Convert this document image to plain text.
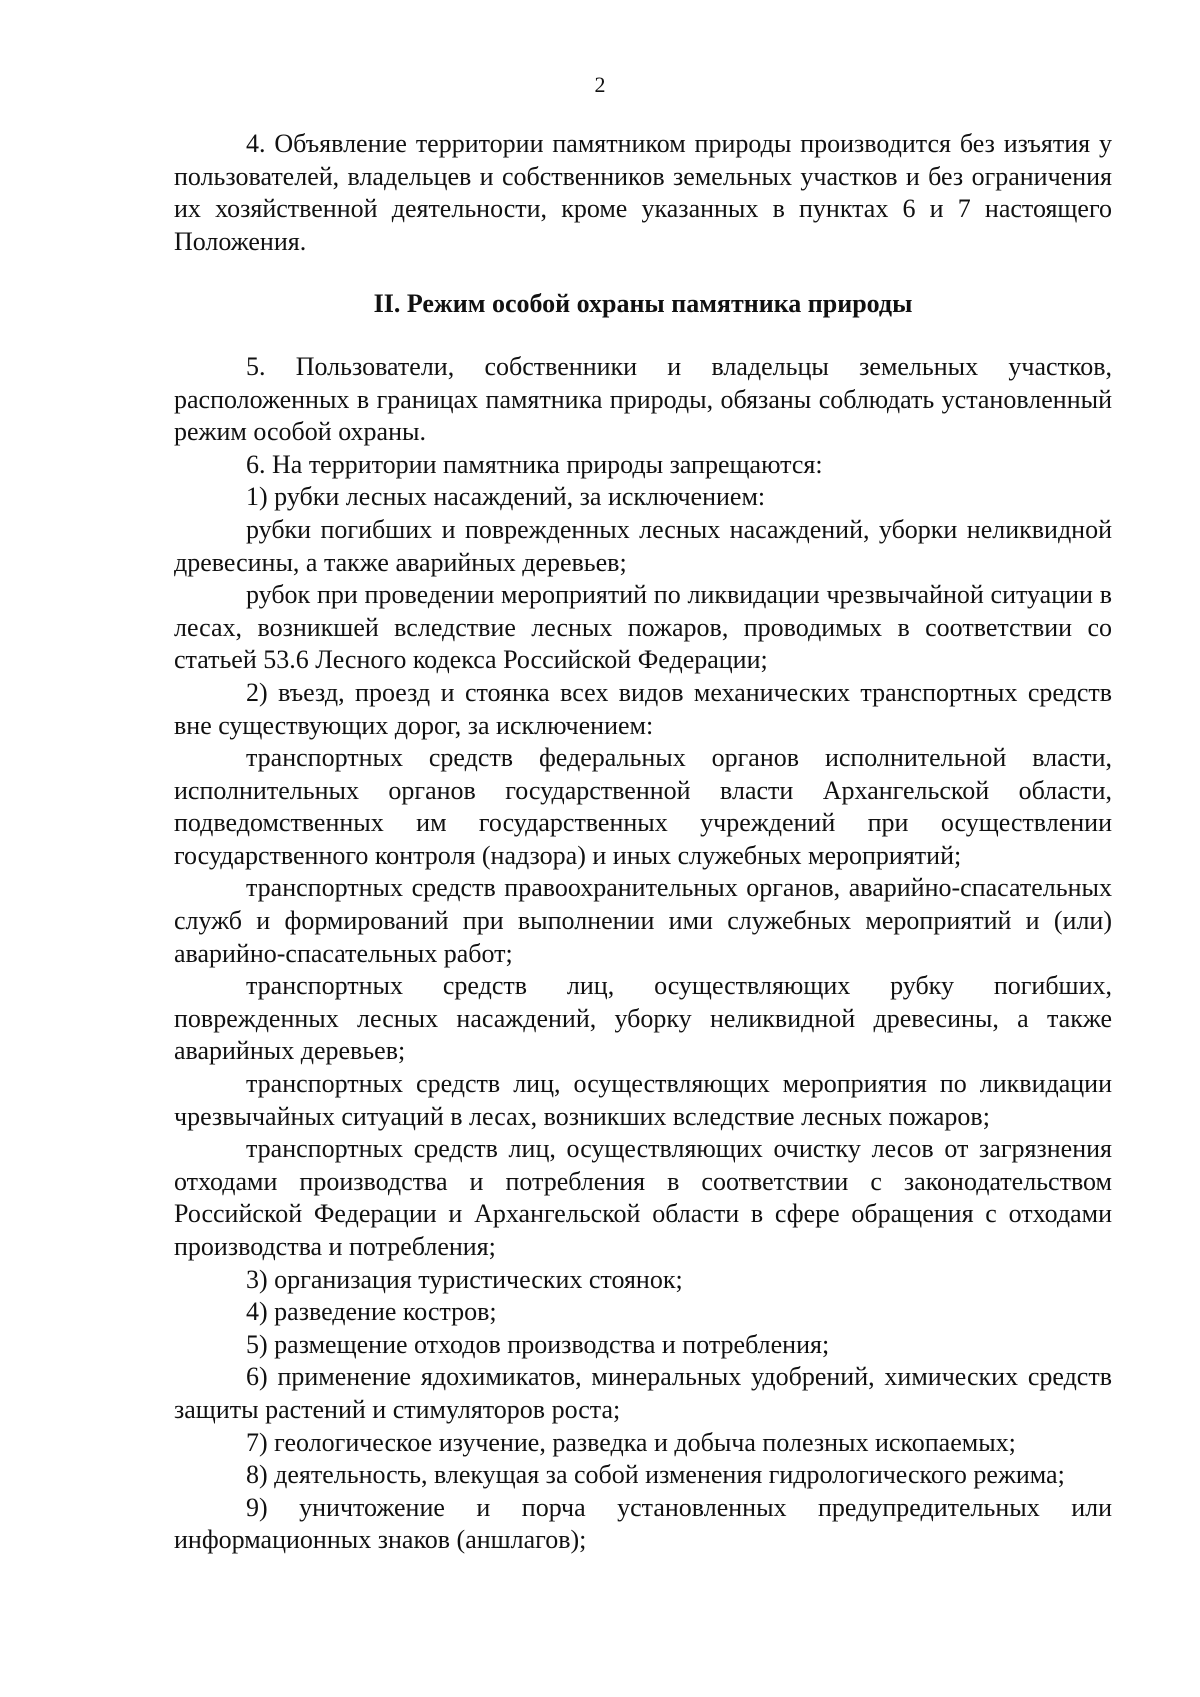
2

4. Объявление территории памятником природы производится без изъятия у пользователей, владельцев и собственников земельных участков и без ограничения их хозяйственной деятельности, кроме указанных в пунктах 6 и 7 настоящего Положения.

II. Режим особой охраны памятника природы

5. Пользователи, собственники и владельцы земельных участков, расположенных в границах памятника природы, обязаны соблюдать установленный режим особой охраны.

6. На территории памятника природы запрещаются:

1) рубки лесных насаждений, за исключением:

рубки погибших и поврежденных лесных насаждений, уборки неликвидной древесины, а также аварийных деревьев;

рубок при проведении мероприятий по ликвидации чрезвычайной ситуации в лесах, возникшей вследствие лесных пожаров, проводимых в соответствии со статьей 53.6 Лесного кодекса Российской Федерации;

2) въезд, проезд и стоянка всех видов механических транспортных средств вне существующих дорог, за исключением:

транспортных средств федеральных органов исполнительной власти, исполнительных органов государственной власти Архангельской области, подведомственных им государственных учреждений при осуществлении государственного контроля (надзора) и иных служебных мероприятий;

транспортных средств правоохранительных органов, аварийно-спасательных служб и формирований при выполнении ими служебных мероприятий и (или) аварийно-спасательных работ;

транспортных средств лиц, осуществляющих рубку погибших, поврежденных лесных насаждений, уборку неликвидной древесины, а также аварийных деревьев;

транспортных средств лиц, осуществляющих мероприятия по ликвидации чрезвычайных ситуаций в лесах, возникших вследствие лесных пожаров;

транспортных средств лиц, осуществляющих очистку лесов от загрязнения отходами производства и потребления в соответствии с законодательством Российской Федерации и Архангельской области в сфере обращения с отходами производства и потребления;

3) организация туристических стоянок;

4) разведение костров;

5) размещение отходов производства и потребления;

6) применение ядохимикатов, минеральных удобрений, химических средств защиты растений и стимуляторов роста;

7) геологическое изучение, разведка и добыча полезных ископаемых;

8) деятельность, влекущая за собой изменения гидрологического режима;

9) уничтожение и порча установленных предупредительных или информационных знаков (аншлагов);
